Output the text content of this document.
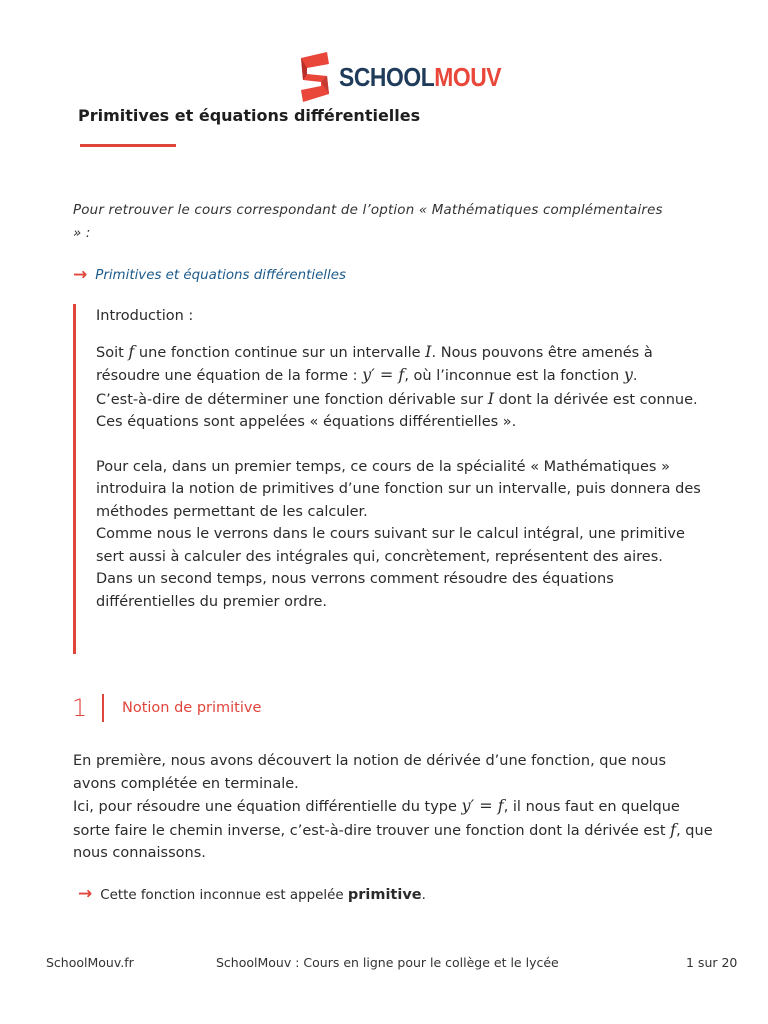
SCHOOLMOUV
Primitives et équations différentielles
Pour retrouver le cours correspondant de l’option « Mathématiques complémentaires » :
→ Primitives et équations différentielles

Introduction :

Soit f une fonction continue sur un intervalle I. Nous pouvons être amenés à résoudre une équation de la forme : y′ = f, où l’inconnue est la fonction y.

C’est-à-dire de déterminer une fonction dérivable sur I dont la dérivée est connue. Ces équations sont appelées « équations différentielles ».

Pour cela, dans un premier temps, ce cours de la spécialité « Mathématiques » introduira la notion de primitives d’une fonction sur un intervalle, puis donnera des méthodes permettant de les calculer.

Comme nous le verrons dans le cours suivant sur le calcul intégral, une primitive sert aussi à calculer des intégrales qui, concrètement, représentent des aires.

Dans un second temps, nous verrons comment résoudre des équations différentielles du premier ordre.

1	Notion de primitive

En première, nous avons découvert la notion de dérivée d’une fonction, que nous avons complétée en terminale.

Ici, pour résoudre une équation différentielle du type y′ = f, il nous faut en quelque sorte faire le chemin inverse, c’est-à-dire trouver une fonction dont la dérivée est f, que nous connaissons.

→ Cette fonction inconnue est appelée primitive.
SchoolMouv.fr	SchoolMouv : Cours en ligne pour le collège et le lycée	1 sur 20
